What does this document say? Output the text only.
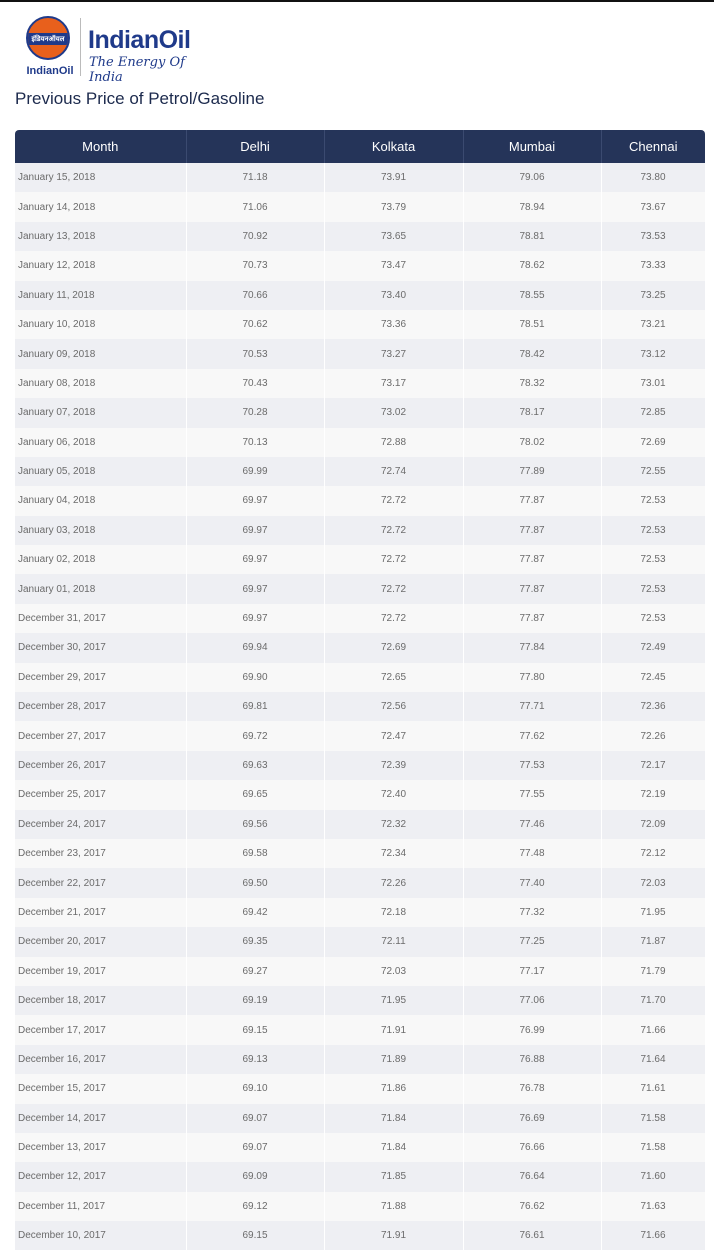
इंडियनऑयल
IndianOil
IndianOil
The Energy Of India
Previous Price of Petrol/Gasoline
Month	Delhi	Kolkata	Mumbai	Chennai
January 15, 2018	71.18	73.91	79.06	73.80
January 14, 2018	71.06	73.79	78.94	73.67
January 13, 2018	70.92	73.65	78.81	73.53
January 12, 2018	70.73	73.47	78.62	73.33
January 11, 2018	70.66	73.40	78.55	73.25
January 10, 2018	70.62	73.36	78.51	73.21
January 09, 2018	70.53	73.27	78.42	73.12
January 08, 2018	70.43	73.17	78.32	73.01
January 07, 2018	70.28	73.02	78.17	72.85
January 06, 2018	70.13	72.88	78.02	72.69
January 05, 2018	69.99	72.74	77.89	72.55
January 04, 2018	69.97	72.72	77.87	72.53
January 03, 2018	69.97	72.72	77.87	72.53
January 02, 2018	69.97	72.72	77.87	72.53
January 01, 2018	69.97	72.72	77.87	72.53
December 31, 2017	69.97	72.72	77.87	72.53
December 30, 2017	69.94	72.69	77.84	72.49
December 29, 2017	69.90	72.65	77.80	72.45
December 28, 2017	69.81	72.56	77.71	72.36
December 27, 2017	69.72	72.47	77.62	72.26
December 26, 2017	69.63	72.39	77.53	72.17
December 25, 2017	69.65	72.40	77.55	72.19
December 24, 2017	69.56	72.32	77.46	72.09
December 23, 2017	69.58	72.34	77.48	72.12
December 22, 2017	69.50	72.26	77.40	72.03
December 21, 2017	69.42	72.18	77.32	71.95
December 20, 2017	69.35	72.11	77.25	71.87
December 19, 2017	69.27	72.03	77.17	71.79
December 18, 2017	69.19	71.95	77.06	71.70
December 17, 2017	69.15	71.91	76.99	71.66
December 16, 2017	69.13	71.89	76.88	71.64
December 15, 2017	69.10	71.86	76.78	71.61
December 14, 2017	69.07	71.84	76.69	71.58
December 13, 2017	69.07	71.84	76.66	71.58
December 12, 2017	69.09	71.85	76.64	71.60
December 11, 2017	69.12	71.88	76.62	71.63
December 10, 2017	69.15	71.91	76.61	71.66
